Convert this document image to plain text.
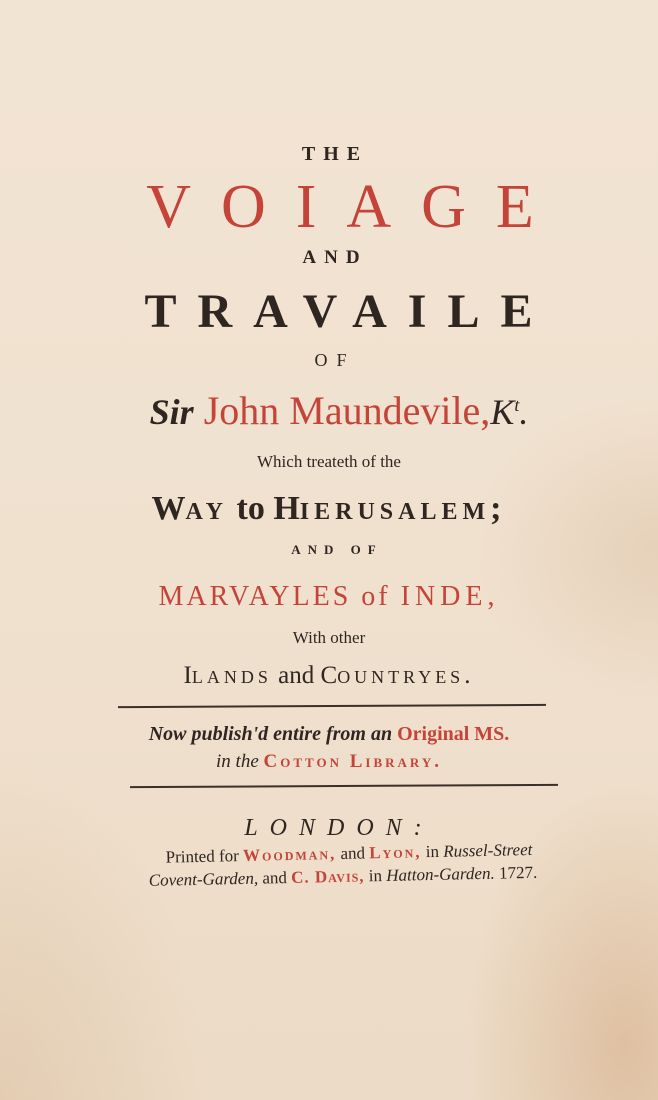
THE
VOIAGE
AND
TRAVAILE
OF
Sir John $Maundevile,K^t$.
Which treateth of the
Way to Hierusalem;
AND OF
MARVAYLES of INDE,
With other
Ilands and Countryes.
Now publish'd entire from an Original MS.
in the Cotton Library.
LONDON:
Printed for Woodman, and Lyon, in Russel-Street
Covent-Garden, and C. Davis, in Hatton-Garden. 1727.
